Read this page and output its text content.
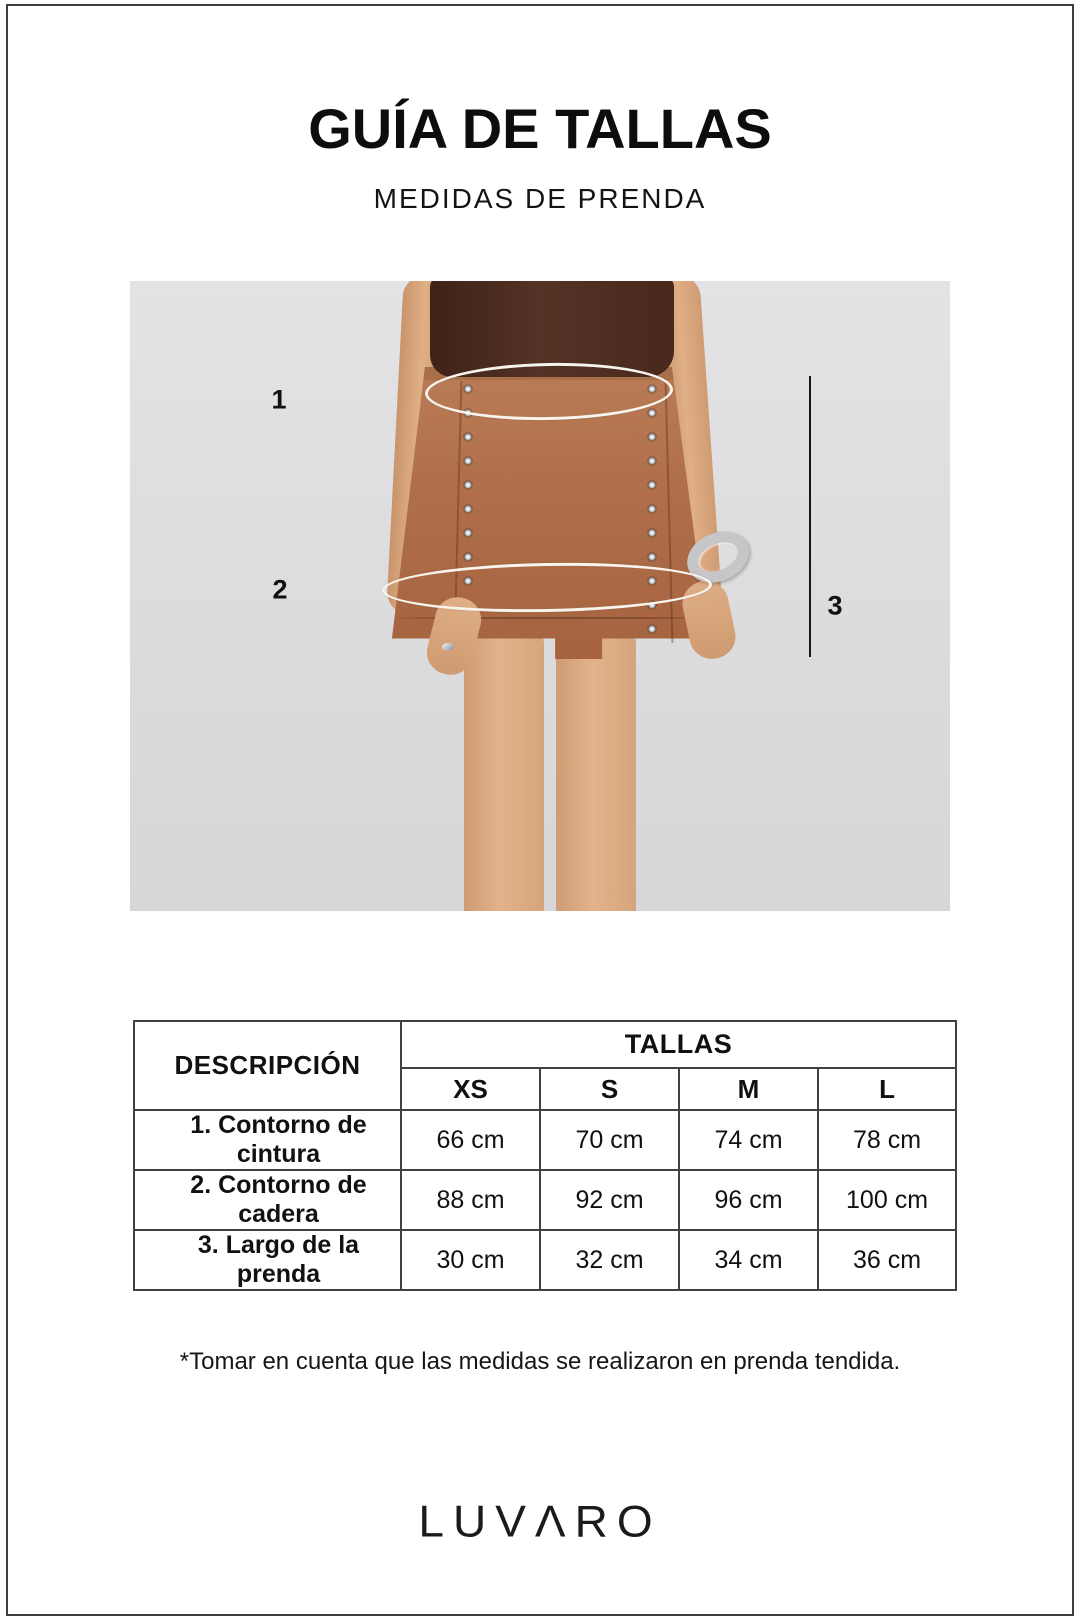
GUÍA DE TALLAS
MEDIDAS DE PRENDA
1
2
3
DESCRIPCIÓN	TALLAS			
	XS	S	M	L
1. Contorno de cintura	66 cm	70 cm	74 cm	78 cm
2. Contorno de cadera	88 cm	92 cm	96 cm	100 cm
3. Largo de la prenda	30 cm	32 cm	34 cm	36 cm

*Tomar en cuenta que las medidas se realizaron en prenda tendida.

LUVΛRO
